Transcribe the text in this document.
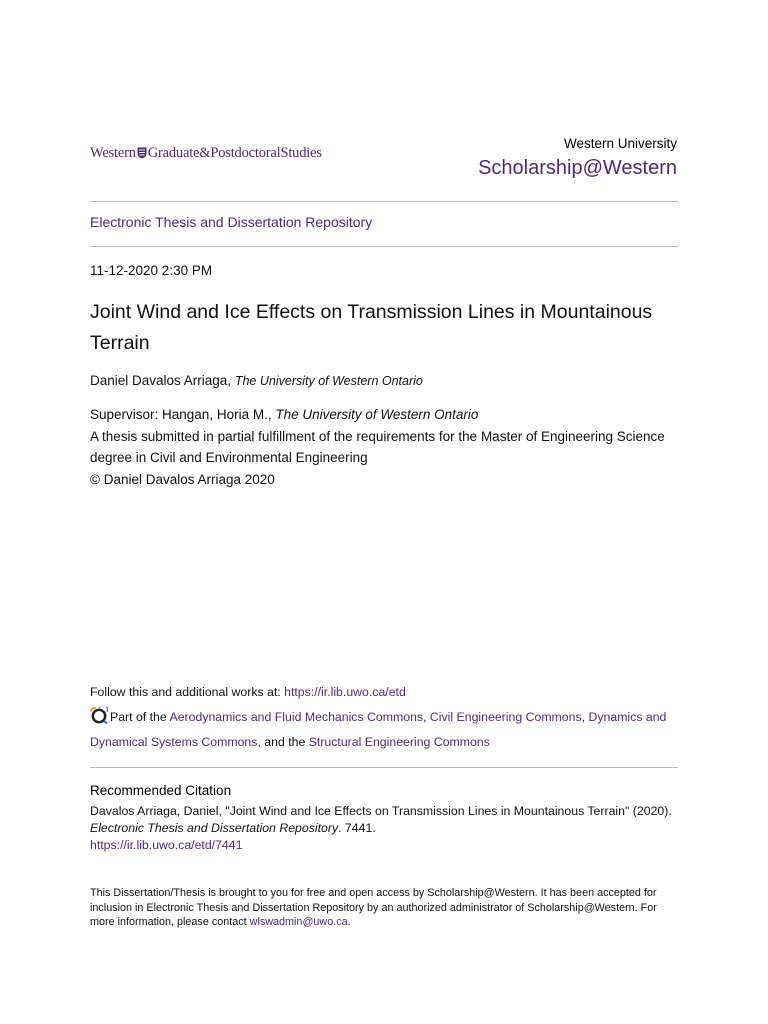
Western Graduate&PostdoctoralStudies
Western University
Scholarship@Western
Electronic Thesis and Dissertation Repository
11-12-2020 2:30 PM
Joint Wind and Ice Effects on Transmission Lines in Mountainous Terrain
Daniel Davalos Arriaga, The University of Western Ontario
Supervisor: Hangan, Horia M., The University of Western Ontario
A thesis submitted in partial fulfillment of the requirements for the Master of Engineering Science degree in Civil and Environmental Engineering
© Daniel Davalos Arriaga 2020
Follow this and additional works at: https://ir.lib.uwo.ca/etd
Part of the Aerodynamics and Fluid Mechanics Commons, Civil Engineering Commons, Dynamics and Dynamical Systems Commons, and the Structural Engineering Commons
Recommended Citation
Davalos Arriaga, Daniel, "Joint Wind and Ice Effects on Transmission Lines in Mountainous Terrain" (2020). Electronic Thesis and Dissertation Repository. 7441.
https://ir.lib.uwo.ca/etd/7441
This Dissertation/Thesis is brought to you for free and open access by Scholarship@Western. It has been accepted for inclusion in Electronic Thesis and Dissertation Repository by an authorized administrator of Scholarship@Western. For more information, please contact wlswadmin@uwo.ca.
